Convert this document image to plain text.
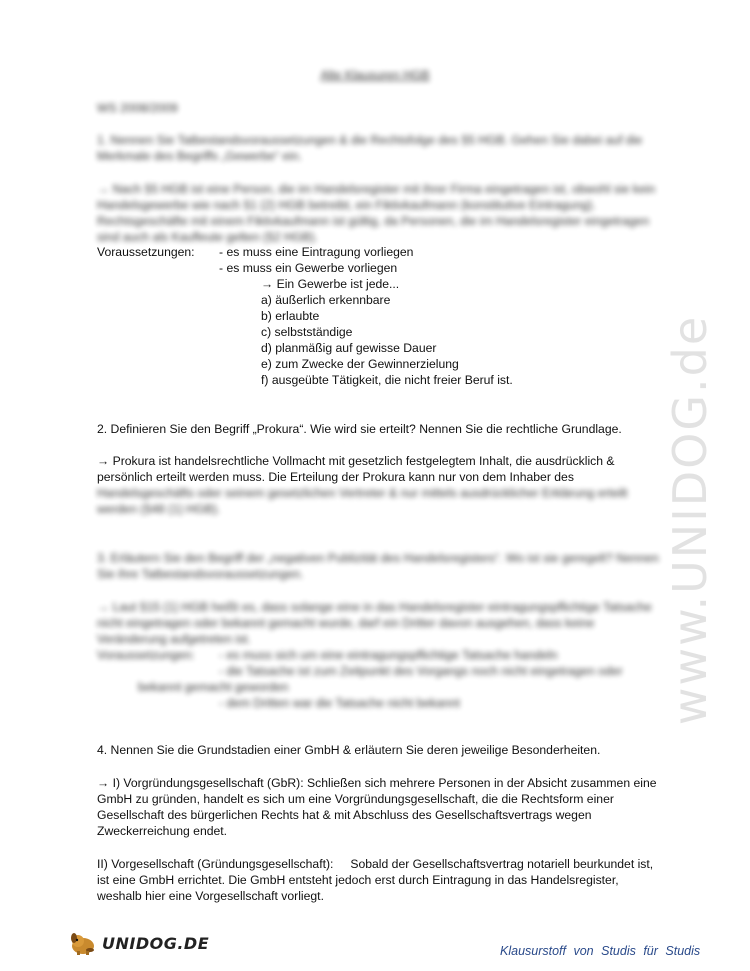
www.UNIDOG.de
Alte Klausuren HGB
WS 2008/2009
1. Nennen Sie Tatbestandsvoraussetzungen & die Rechtsfolge des §5 HGB. Gehen Sie dabei auf die
Merkmale des Begriffs „Gewerbe“ ein.
→ Nach §5 HGB ist eine Person, die im Handelsregister mit ihrer Firma eingetragen ist, obwohl sie kein
Handelsgewerbe wie nach §1 (2) HGB betreibt, ein Fiktivkaufmann (konstitutive Eintragung).
Rechtsgeschäfte mit einem Fiktivkaufmann ist gültig, da Personen, die im Handelsregister eingetragen
sind auch als Kaufleute gelten (§2 HGB).
Voraussetzungen: - es muss eine Eintragung vorliegen
- es muss ein Gewerbe vorliegen
→ Ein Gewerbe ist jede...
a) äußerlich erkennbare
b) erlaubte
c) selbstständige
d) planmäßig auf gewisse Dauer
e) zum Zwecke der Gewinnerzielung
f) ausgeübte Tätigkeit, die nicht freier Beruf ist.
2. Definieren Sie den Begriff „Prokura“. Wie wird sie erteilt? Nennen Sie die rechtliche Grundlage.
→ Prokura ist handelsrechtliche Vollmacht mit gesetzlich festgelegtem Inhalt, die ausdrücklich &
persönlich erteilt werden muss. Die Erteilung der Prokura kann nur von dem Inhaber des
Handelsgeschäfts oder seinem gesetzlichen Vertreter & nur mittels ausdrücklicher Erklärung erteilt
werden (§48 (1) HGB).
3. Erläutern Sie den Begriff der „negativen Publizität des Handelsregisters“. Wo ist sie geregelt? Nennen
Sie ihre Tatbestandsvoraussetzungen.
→ Laut §15 (1) HGB heißt es, dass solange eine in das Handelsregister eintragungspflichtige Tatsache
nicht eingetragen oder bekannt gemacht wurde, darf ein Dritter davon ausgehen, dass keine
Veränderung aufgetreten ist.
Voraussetzungen: - es muss sich um eine eintragungspflichtige Tatsache handeln
- die Tatsache ist zum Zeitpunkt des Vorgangs noch nicht eingetragen oder
bekannt gemacht geworden
- dem Dritten war die Tatsache nicht bekannt
4. Nennen Sie die Grundstadien einer GmbH & erläutern Sie deren jeweilige Besonderheiten.
→ I) Vorgründungsgesellschaft (GbR): Schließen sich mehrere Personen in der Absicht zusammen eine
GmbH zu gründen, handelt es sich um eine Vorgründungsgesellschaft, die die Rechtsform einer
Gesellschaft des bürgerlichen Rechts hat & mit Abschluss des Gesellschaftsvertrags wegen
Zweckerreichung endet.
II) Vorgesellschaft (Gründungsgesellschaft):     Sobald der Gesellschaftsvertrag notariell beurkundet ist,
ist eine GmbH errichtet. Die GmbH entsteht jedoch erst durch Eintragung in das Handelsregister,
weshalb hier eine Vorgesellschaft vorliegt.
UNIDOG.DE	Klausurstoff von Studis für Studis
